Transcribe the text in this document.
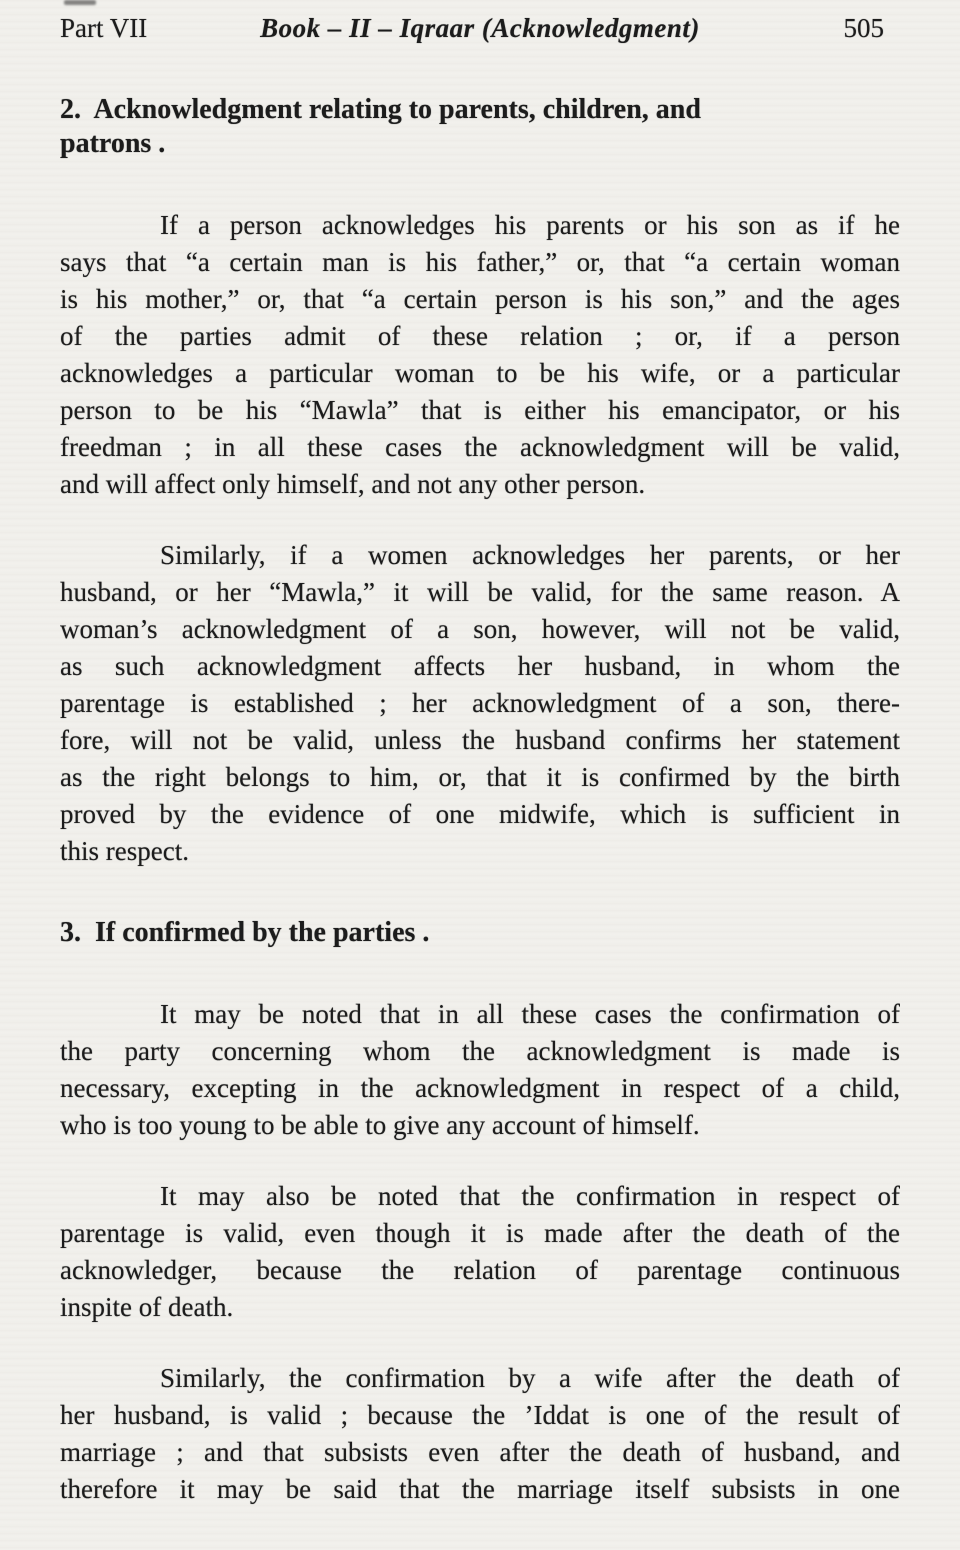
Part VII	Book – II – Iqraar (Acknowledgment)	505
2.  Acknowledgment relating to parents, children, and
patrons .
If a person acknowledges his parents or his son as if he
says that “a certain man is his father,” or, that “a certain woman
is his mother,” or, that “a certain person is his son,” and the ages
of the parties admit of these relation ; or, if a person
acknowledges a particular woman to be his wife, or a particular
person to be his “Mawla” that is either his emancipator, or his
freedman ; in all these cases the acknowledgment will be valid,
and will affect only himself, and not any other person.
Similarly, if a women acknowledges her parents, or her
husband, or her “Mawla,” it will be valid, for the same reason. A
woman’s acknowledgment of a son, however, will not be valid,
as such acknowledgment affects her husband, in whom the
parentage is established ; her acknowledgment of a son, there-
fore, will not be valid, unless the husband confirms her statement
as the right belongs to him, or, that it is confirmed by the birth
proved by the evidence of one midwife, which is sufficient in
this respect.
3.  If confirmed by the parties .
It may be noted that in all these cases the confirmation of
the party concerning whom the acknowledgment is made is
necessary, excepting in the acknowledgment in respect of a child,
who is too young to be able to give any account of himself.
It may also be noted that the confirmation in respect of
parentage is valid, even though it is made after the death of the
acknowledger, because the relation of parentage continuous
inspite of death.
Similarly, the confirmation by a wife after the death of
her husband, is valid ; because the ’Iddat is one of the result of
marriage ; and that subsists even after the death of husband, and
therefore it may be said that the marriage itself subsists in one
